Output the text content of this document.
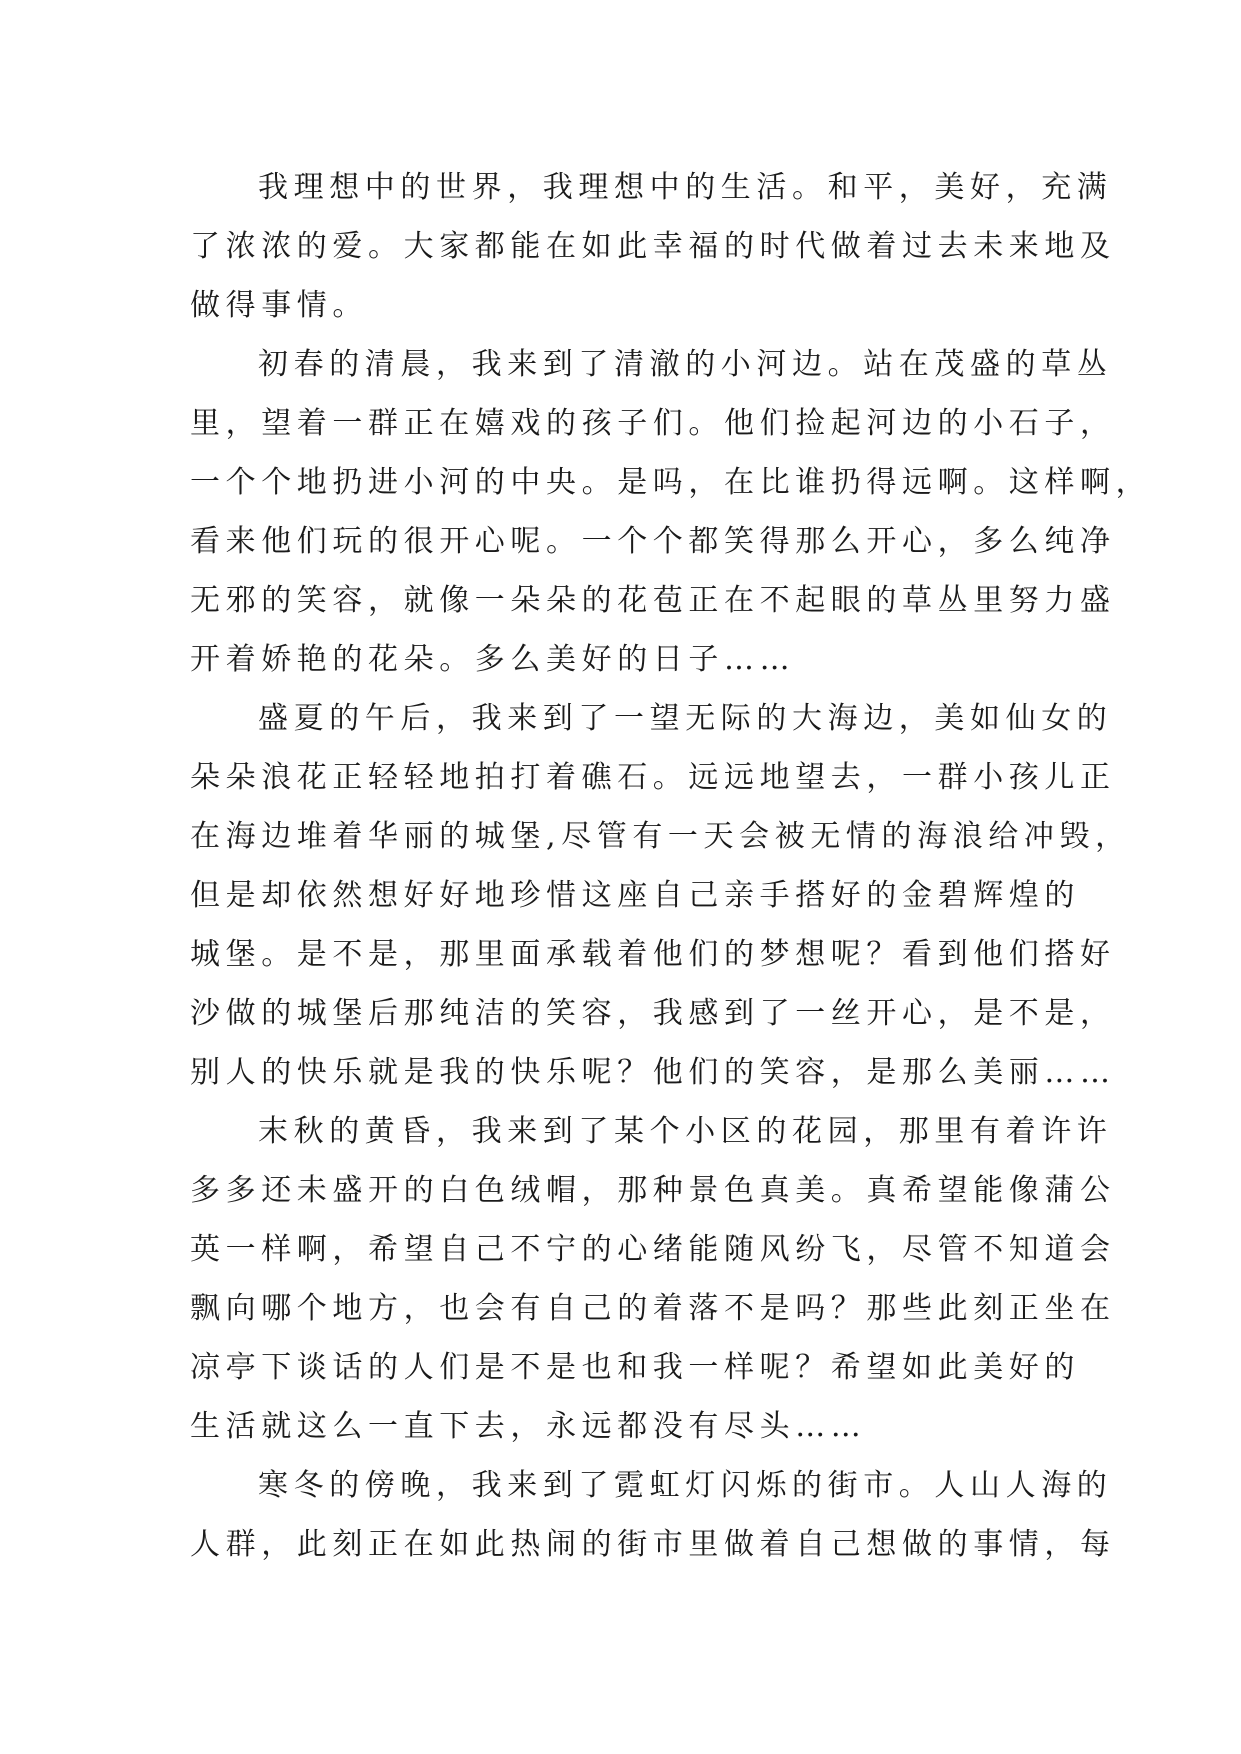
我理想中的世界，我理想中的生活。和平，美好，充满
了浓浓的爱。大家都能在如此幸福的时代做着过去未来地及
做得事情。
初春的清晨，我来到了清澈的小河边。站在茂盛的草丛
里，望着一群正在嬉戏的孩子们。他们捡起河边的小石子，
一个个地扔进小河的中央。是吗，在比谁扔得远啊。这样啊，
看来他们玩的很开心呢。一个个都笑得那么开心，多么纯净
无邪的笑容，就像一朵朵的花苞正在不起眼的草丛里努力盛
开着娇艳的花朵。多么美好的日子……
盛夏的午后，我来到了一望无际的大海边，美如仙女的
朵朵浪花正轻轻地拍打着礁石。远远地望去，一群小孩儿正
在海边堆着华丽的城堡,尽管有一天会被无情的海浪给冲毁，
但是却依然想好好地珍惜这座自己亲手搭好的金碧辉煌的
城堡。是不是，那里面承载着他们的梦想呢？看到他们搭好
沙做的城堡后那纯洁的笑容，我感到了一丝开心，是不是，
别人的快乐就是我的快乐呢？他们的笑容，是那么美丽……
末秋的黄昏，我来到了某个小区的花园，那里有着许许
多多还未盛开的白色绒帽，那种景色真美。真希望能像蒲公
英一样啊，希望自己不宁的心绪能随风纷飞，尽管不知道会
飘向哪个地方，也会有自己的着落不是吗？那些此刻正坐在
凉亭下谈话的人们是不是也和我一样呢？希望如此美好的
生活就这么一直下去，永远都没有尽头……
寒冬的傍晚，我来到了霓虹灯闪烁的街市。人山人海的
人群，此刻正在如此热闹的街市里做着自己想做的事情，每
